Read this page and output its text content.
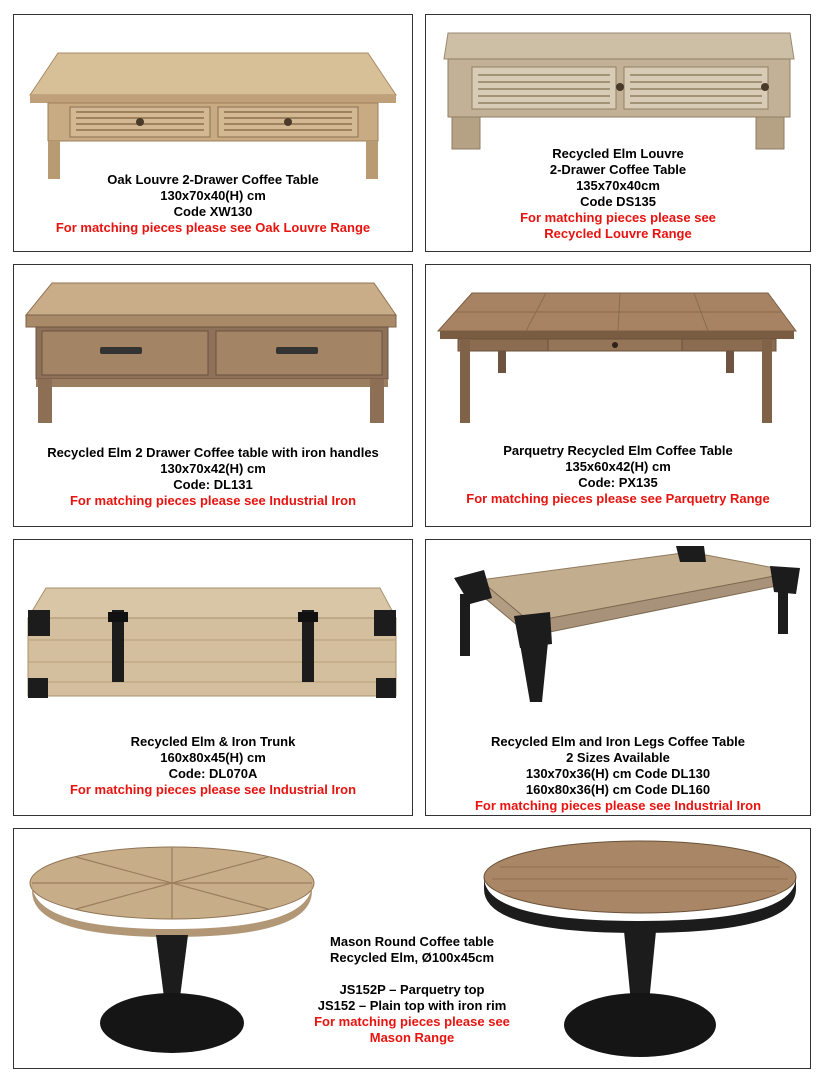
Oak Louvre 2-Drawer Coffee Table
130x70x40(H) cm
Code XW130
For matching pieces please see Oak Louvre Range
Recycled Elm Louvre
2-Drawer Coffee Table
135x70x40cm
Code DS135
For matching pieces please see
Recycled Louvre Range
Recycled Elm 2 Drawer Coffee table with iron handles
130x70x42(H) cm
Code: DL131
For matching pieces please see Industrial Iron
Parquetry Recycled Elm Coffee Table
135x60x42(H) cm
Code: PX135
For matching pieces please see Parquetry Range
Recycled Elm & Iron Trunk
160x80x45(H) cm
Code: DL070A
For matching pieces please see Industrial Iron
Recycled Elm and Iron Legs Coffee Table
2 Sizes Available
130x70x36(H) cm Code DL130
160x80x36(H) cm Code DL160
For matching pieces please see Industrial Iron
Mason Round Coffee table
Recycled Elm, Ø100x45cm
JS152P – Parquetry top
JS152 – Plain top with iron rim
For matching pieces please see
Mason Range
